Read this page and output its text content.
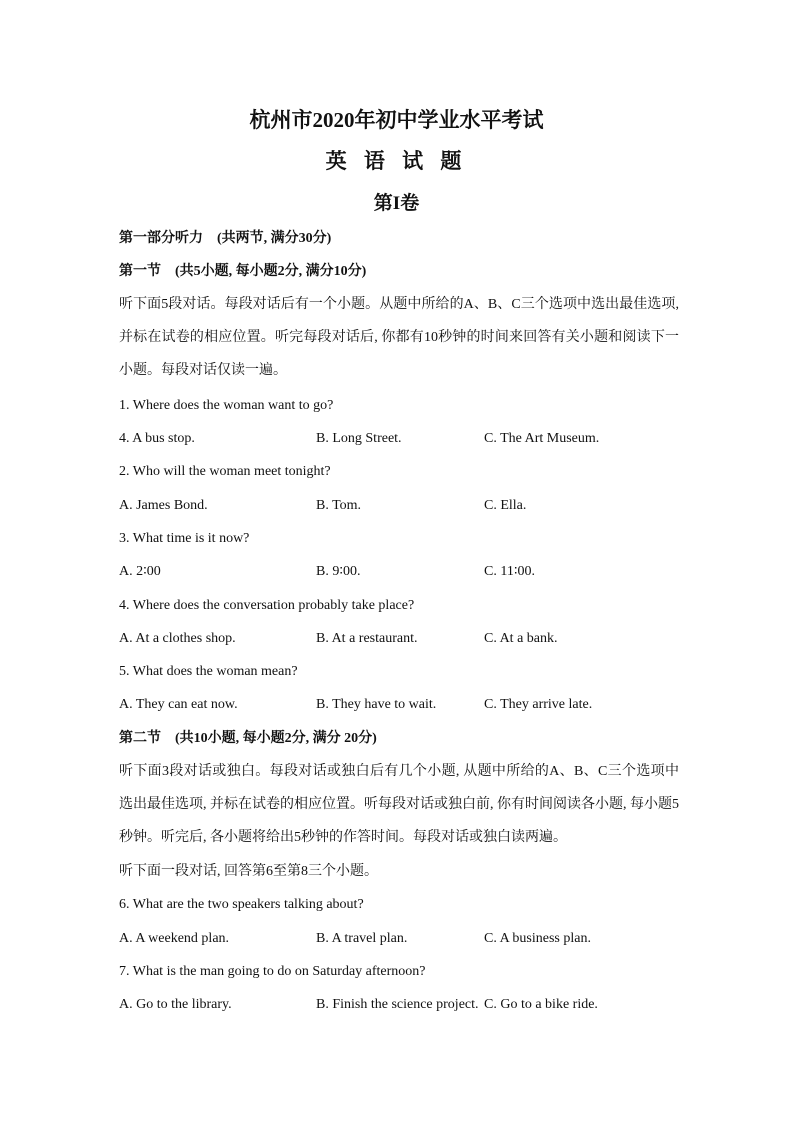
杭州市2020年初中学业水平考试
英 语 试 题
第I卷
第一部分听力　(共两节, 满分30分)
第一节　(共5小题, 每小题2分, 满分10分)
听下面5段对话。每段对话后有一个小题。从题中所给的A、B、C三个选项中选出最佳选项, 并标在试卷的相应位置。听完每段对话后, 你都有10秒钟的时间来回答有关小题和阅读下一小题。每段对话仅读一遍。
1. Where does the woman want to go?
4. A bus stop.	B. Long Street.	C. The Art Museum.
2. Who will the woman meet tonight?
A. James Bond.	B. Tom.	C. Ella.
3. What time is it now?
A. 2∶00	B. 9∶00.	C. 11∶00.
4. Where does the conversation probably take place?
A. At a clothes shop.	B. At a restaurant.	C. At a bank.
5. What does the woman mean?
A. They can eat now.	B. They have to wait.	C. They arrive late.
第二节　(共10小题, 每小题2分, 满分 20分)
听下面3段对话或独白。每段对话或独白后有几个小题, 从题中所给的A、B、C三个选项中选出最佳选项, 并标在试卷的相应位置。听每段对话或独白前, 你有时间阅读各小题, 每小题5秒钟。听完后, 各小题将给出5秒钟的作答时间。每段对话或独白读两遍。
听下面一段对话, 回答第6至第8三个小题。
6. What are the two speakers talking about?
A. A weekend plan.	B. A travel plan.	C. A business plan.
7. What is the man going to do on Saturday afternoon?
A. Go to the library.	B. Finish the science project. C. Go to a bike ride.
